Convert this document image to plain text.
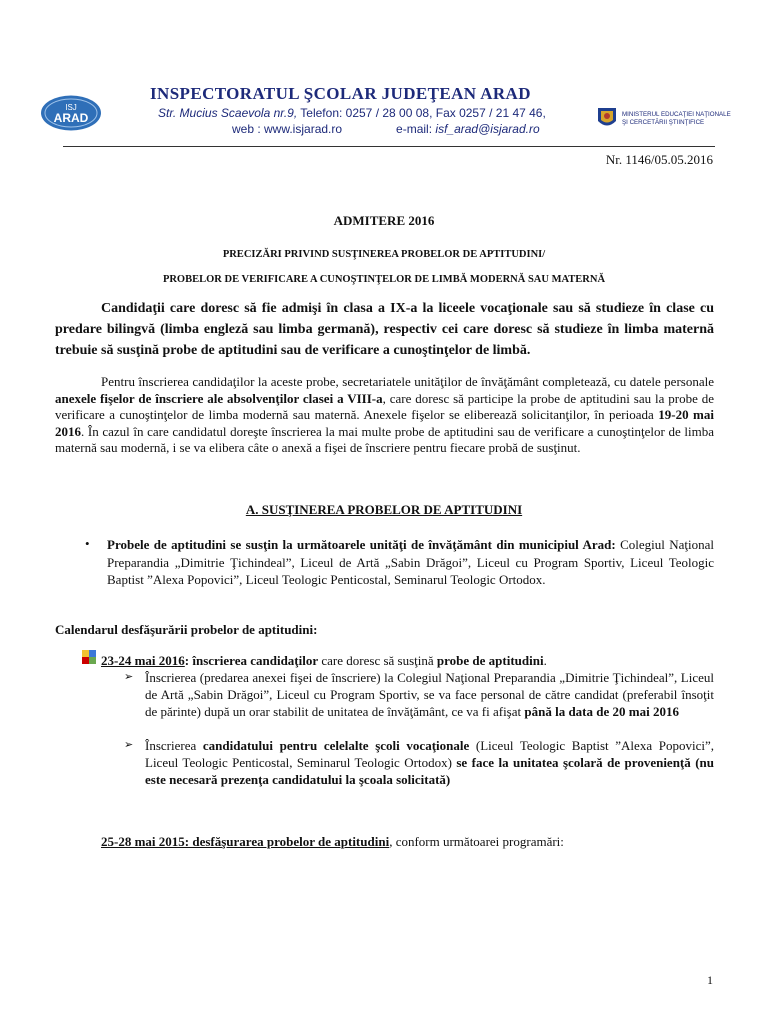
ISJ
ARAD
INSPECTORATUL ŞCOLAR JUDEŢEAN ARAD
Str. Mucius Scaevola nr.9, Telefon: 0257 / 28 00 08, Fax 0257 / 21 47 46,
web : www.isjarad.ro	e-mail: isf_arad@isjarad.ro
MINISTERUL EDUCAŢIEI NAŢIONALE
ŞI CERCETĂRII ŞTIINŢIFICE
Nr. 1146/05.05.2016
ADMITERE 2016
PRECIZĂRI PRIVIND SUSŢINEREA PROBELOR DE APTITUDINI/
PROBELOR DE VERIFICARE A CUNOŞTINŢELOR DE LIMBĂ MODERNĂ SAU MATERNĂ
Candidaţii care doresc să fie admişi în clasa a IX-a la liceele vocaţionale sau să studieze în clase cu predare bilingvă (limba engleză sau limba germană), respectiv cei care doresc să studieze în limba maternă trebuie să susţină probe de aptitudini sau de verificare a cunoştinţelor de limbă.
Pentru înscrierea candidaţilor la aceste probe, secretariatele unităţilor de învăţământ completează, cu datele personale anexele fişelor de înscriere ale absolvenţilor clasei a VIII-a, care doresc să participe la probe de aptitudini sau la probe de verificare a cunoştinţelor de limba modernă sau maternă. Anexele fişelor se eliberează solicitanţilor, în perioada 19-20 mai 2016. În cazul în care candidatul doreşte înscrierea la mai multe probe de aptitudini sau de verificare a cunoştinţelor de limba maternă sau modernă, i se va elibera câte o anexă a fişei de înscriere pentru fiecare probă de susţinut.
A. SUSŢINEREA PROBELOR DE APTITUDINI
• Probele de aptitudini se susţin la următoarele unităţi de învăţământ din municipiul Arad: Colegiul Naţional Preparandia „Dimitrie Ţichindeal”, Liceul de Artă „Sabin Drăgoi”, Liceul cu Program Sportiv, Liceul Teologic Baptist ”Alexa Popovici”, Liceul Teologic Penticostal, Seminarul Teologic Ortodox.
Calendarul desfăşurării probelor de aptitudini:
23-24 mai 2016: înscrierea candidaţilor care doresc să susţină probe de aptitudini.
➢ Înscrierea (predarea anexei fişei de înscriere) la Colegiul Naţional Preparandia „Dimitrie Ţichindeal”, Liceul de Artă „Sabin Drăgoi”, Liceul cu Program Sportiv, se va face personal de către candidat (preferabil însoţit de părinte) după un orar stabilit de unitatea de învăţământ, ce va fi afişat până la data de 20 mai 2016
➢ Înscrierea candidatului pentru celelalte şcoli vocaţionale (Liceul Teologic Baptist ”Alexa Popovici”, Liceul Teologic Penticostal, Seminarul Teologic Ortodox) se face la unitatea şcolară de provenienţă (nu este necesară prezenţa candidatului la şcoala solicitată)
25-28 mai 2015: desfăşurarea probelor de aptitudini, conform următoarei programări:
1
